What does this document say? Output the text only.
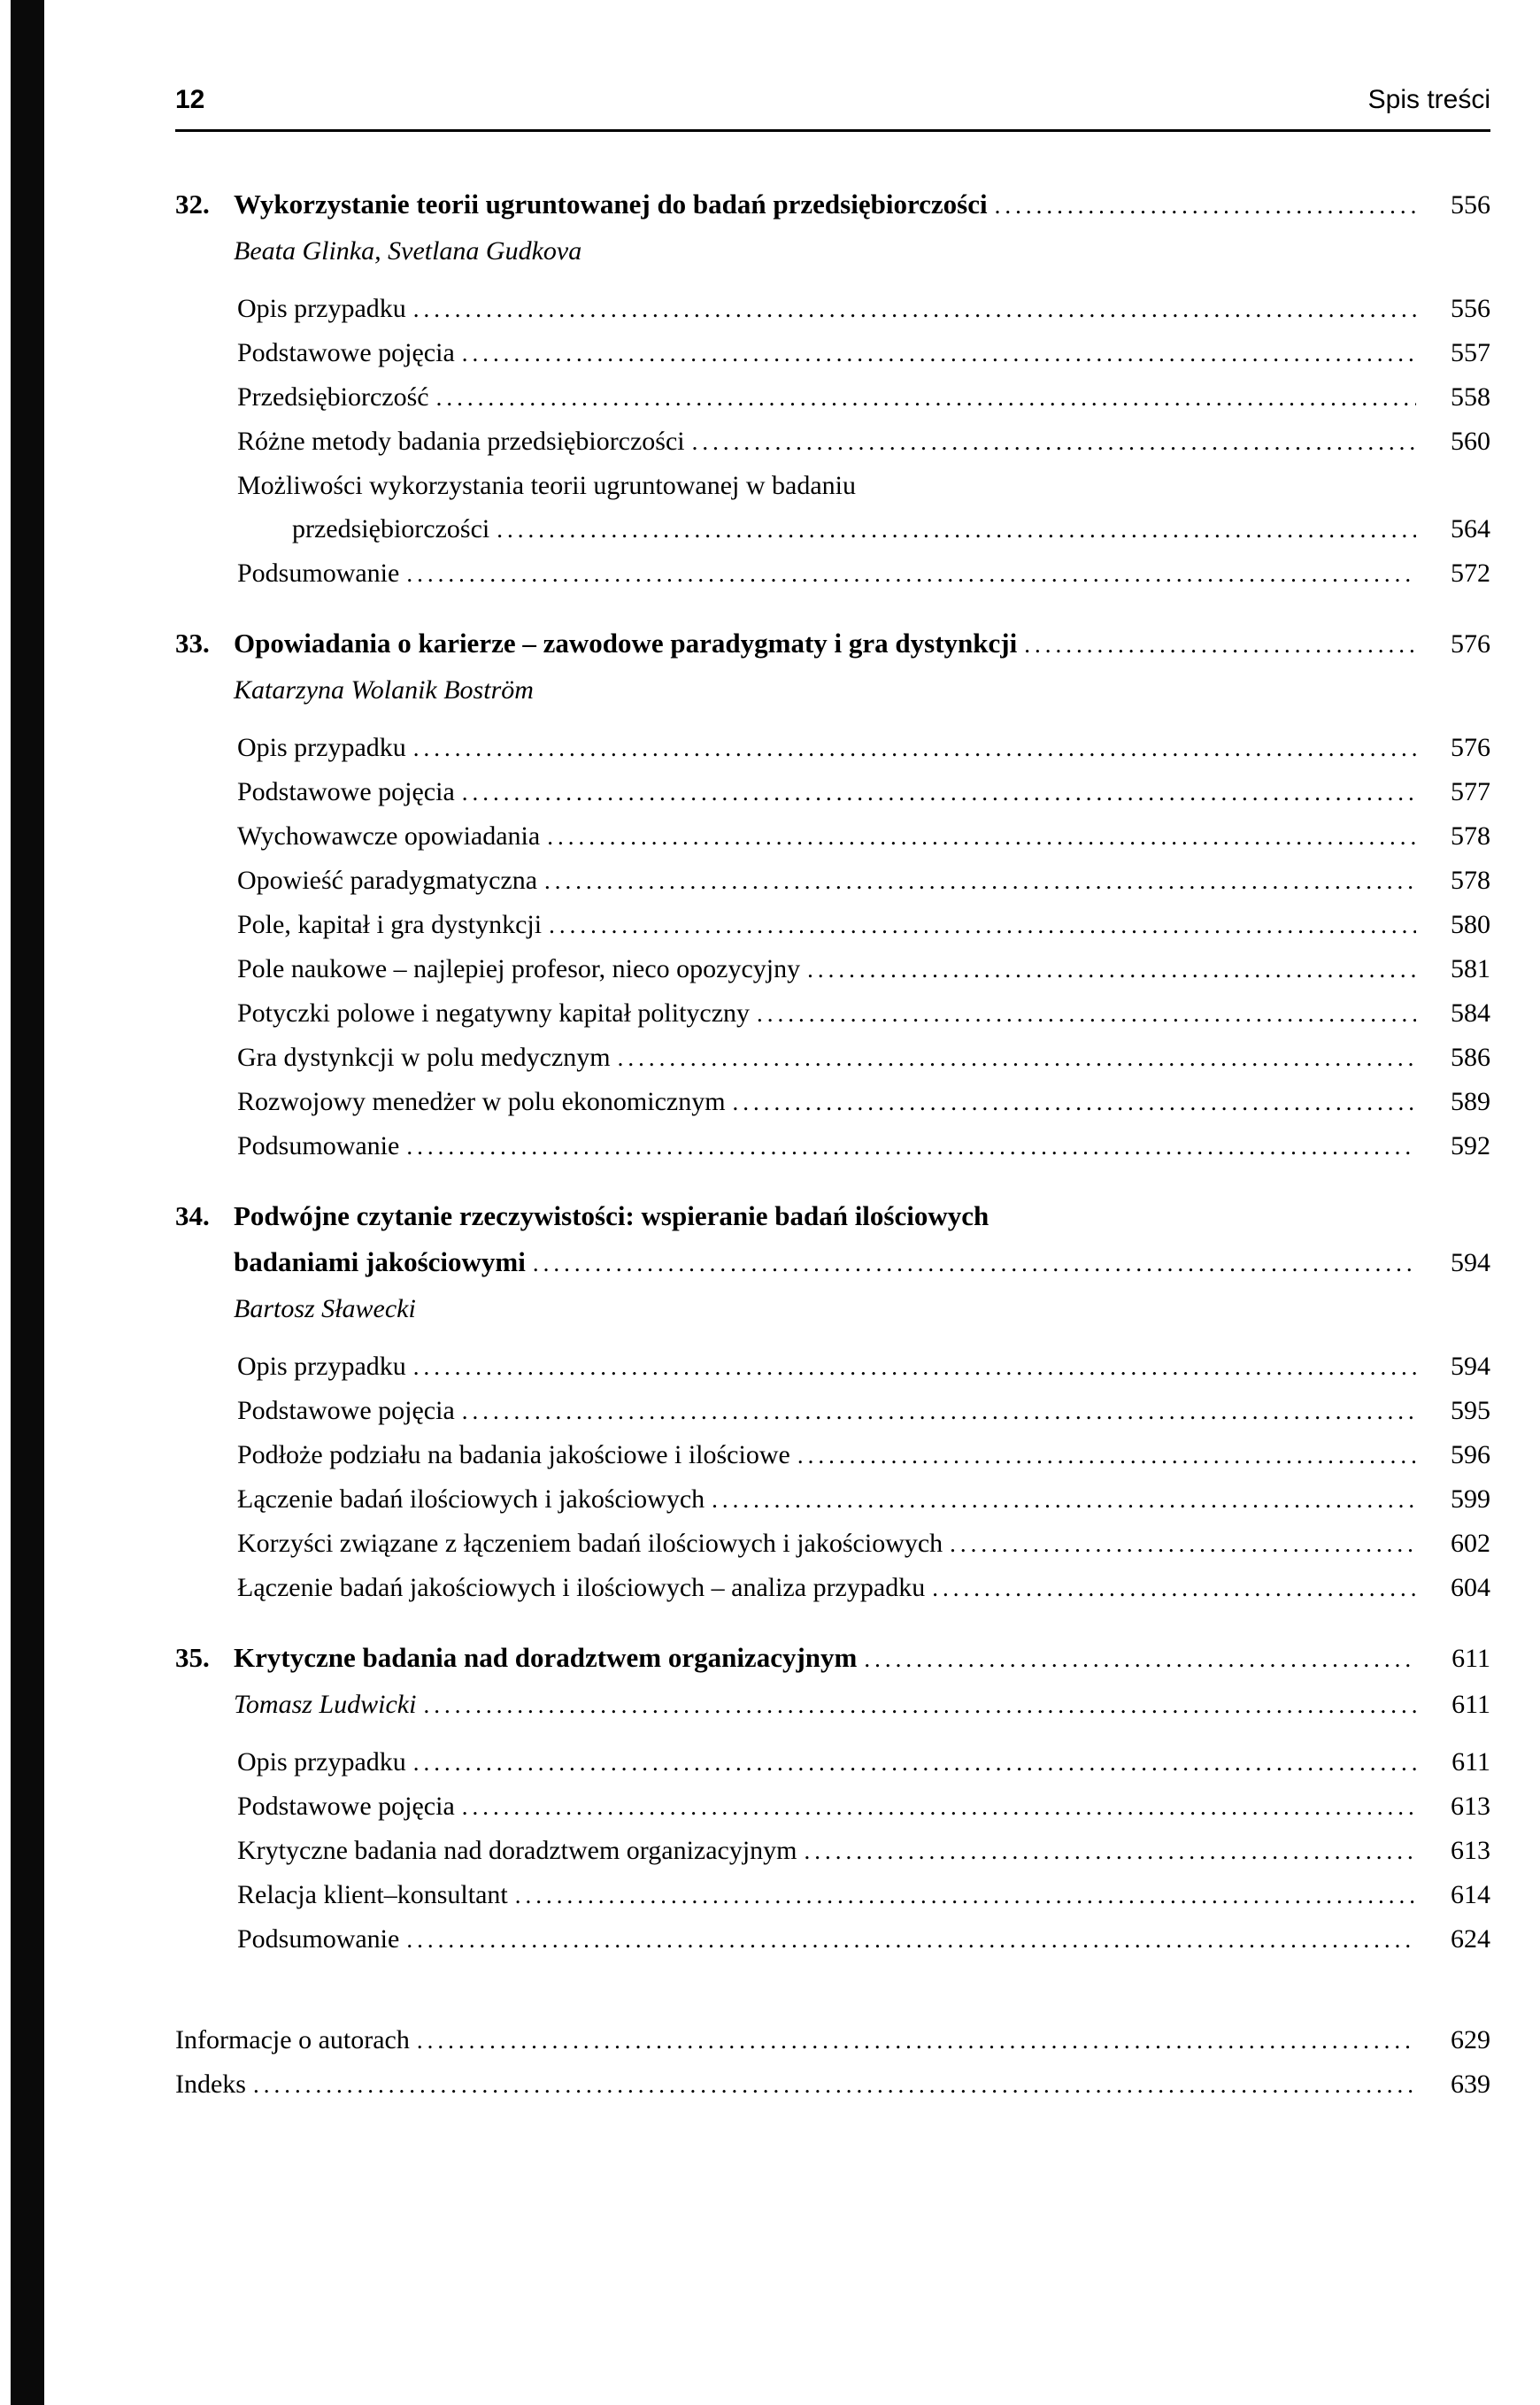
12	Spis treści
32. Wykorzystanie teorii ugruntowanej do badań przedsiębiorczości .....	556
Beata Glinka, Svetlana Gudkova
Opis przypadku .....	556
Podstawowe pojęcia .....	557
Przedsiębiorczość .....	558
Różne metody badania przedsiębiorczości .....	560
Możliwości wykorzystania teorii ugruntowanej w badaniu
przedsiębiorczości .....	564
Podsumowanie .....	572
33. Opowiadania o karierze – zawodowe paradygmaty i gra dystynkcji .....	576
Katarzyna Wolanik Boström
Opis przypadku .....	576
Podstawowe pojęcia .....	577
Wychowawcze opowiadania .....	578
Opowieść paradygmatyczna .....	578
Pole, kapitał i gra dystynkcji .....	580
Pole naukowe – najlepiej profesor, nieco opozycyjny .....	581
Potyczki polowe i negatywny kapitał polityczny .....	584
Gra dystynkcji w polu medycznym .....	586
Rozwojowy menedżer w polu ekonomicznym .....	589
Podsumowanie .....	592
34. Podwójne czytanie rzeczywistości: wspieranie badań ilościowych
badaniami jakościowymi .....	594
Bartosz Sławecki
Opis przypadku .....	594
Podstawowe pojęcia .....	595
Podłoże podziału na badania jakościowe i ilościowe .....	596
Łączenie badań ilościowych i jakościowych .....	599
Korzyści związane z łączeniem badań ilościowych i jakościowych .....	602
Łączenie badań jakościowych i ilościowych – analiza przypadku .....	604
35. Krytyczne badania nad doradztwem organizacyjnym .....	611
Tomasz Ludwicki .....	611
Opis przypadku .....	611
Podstawowe pojęcia .....	613
Krytyczne badania nad doradztwem organizacyjnym .....	613
Relacja klient–konsultant .....	614
Podsumowanie .....	624
Informacje o autorach .....	629
Indeks .....	639
